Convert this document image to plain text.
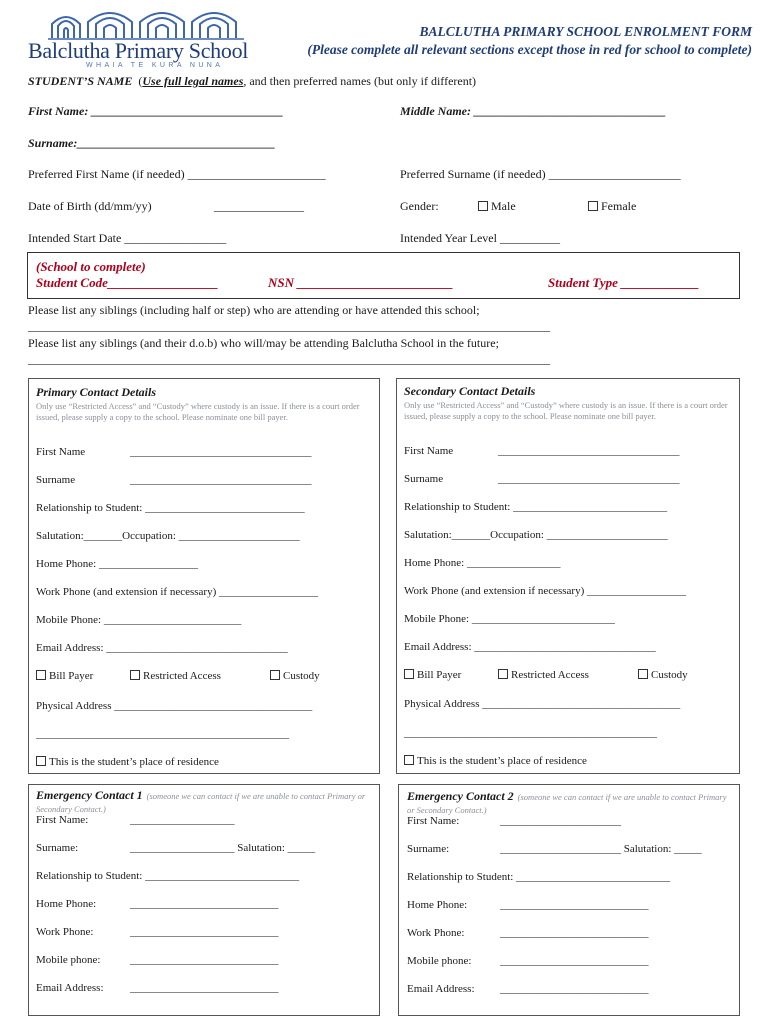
Balclutha Primary School
WHAIA TE KURA NUNA
BALCLUTHA PRIMARY SCHOOL ENROLMENT FORM
(Please complete all relevant sections except those in red for school to complete)
STUDENT’S NAME (Use full legal names, and then preferred names (but only if different)
First Name: ________________________________	Middle Name: ________________________________
Surname:_________________________________
Preferred First Name (if needed) _______________________	Preferred Surname (if needed) ______________________
Date of Birth (dd/mm/yy)	_______________	Gender:	Male	Female
Intended Start Date _________________	Intended Year Level __________
(School to complete)
Student Code_________________	NSN ________________________	Student Type ____________
Please list any siblings (including half or step) who are attending or have attended this school;
_______________________________________________________________________________________
Please list any siblings (and their d.o.b) who will/may be attending Balclutha School in the future;
_______________________________________________________________________________________
Primary Contact Details
Only use “Restricted Access” and “Custody” where custody is an issue. If there is a court order issued, please supply a copy to the school. Please nominate one bill payer.
First Name	_________________________________
Surname	_________________________________
Relationship to Student: _____________________________
Salutation:_______Occupation: ______________________
Home Phone: __________________
Work Phone (and extension if necessary) __________________
Mobile Phone: _________________________
Email Address: _________________________________
Bill Payer	Restricted Access	Custody
Physical Address ____________________________________
______________________________________________
This is the student’s place of residence
Secondary Contact Details
Only use “Restricted Access” and “Custody” where custody is an issue. If there is a court order issued, please supply a copy to the school. Please nominate one bill payer.
First Name	_________________________________
Surname	_________________________________
Relationship to Student: ____________________________
Salutation:_______Occupation: ______________________
Home Phone: _________________
Work Phone (and extension if necessary) __________________
Mobile Phone: __________________________
Email Address: _________________________________
Bill Payer	Restricted Access	Custody
Physical Address ____________________________________
______________________________________________
This is the student’s place of residence
Emergency Contact 1 (someone we can contact if we are unable to contact Primary or Secondary Contact.)
First Name:	___________________
Surname:	___________________ Salutation: _____
Relationship to Student: ____________________________
Home Phone:	___________________________
Work Phone:	___________________________
Mobile phone:	___________________________
Email Address: ___________________________
Emergency Contact 2 (someone we can contact if we are unable to contact Primary or Secondary Contact.)
First Name:	______________________
Surname:	______________________ Salutation: _____
Relationship to Student: ____________________________
Home Phone:	___________________________
Work Phone:	___________________________
Mobile phone:	___________________________
Email Address: ___________________________
